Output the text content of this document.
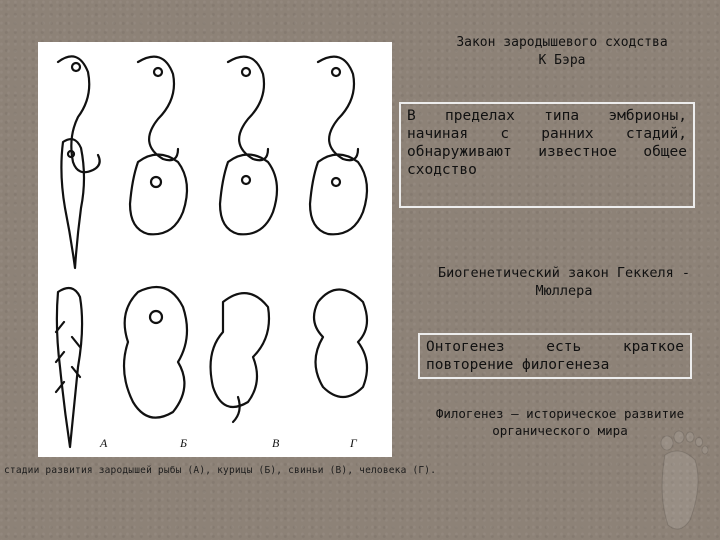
А	Б	В	Г
стадии развития зародышей рыбы (А), курицы (Б), свиньи (В), человека (Г).
Закон зародышевого сходства
К Бэра
В пределах типа эмбрионы, начиная с ранних стадий, обнаруживают известное общее сходство
Биогенетический закон Геккеля -
Мюллера
Онтогенез есть краткое повторение филогенеза
Филогенез – историческое развитие
органического мира
